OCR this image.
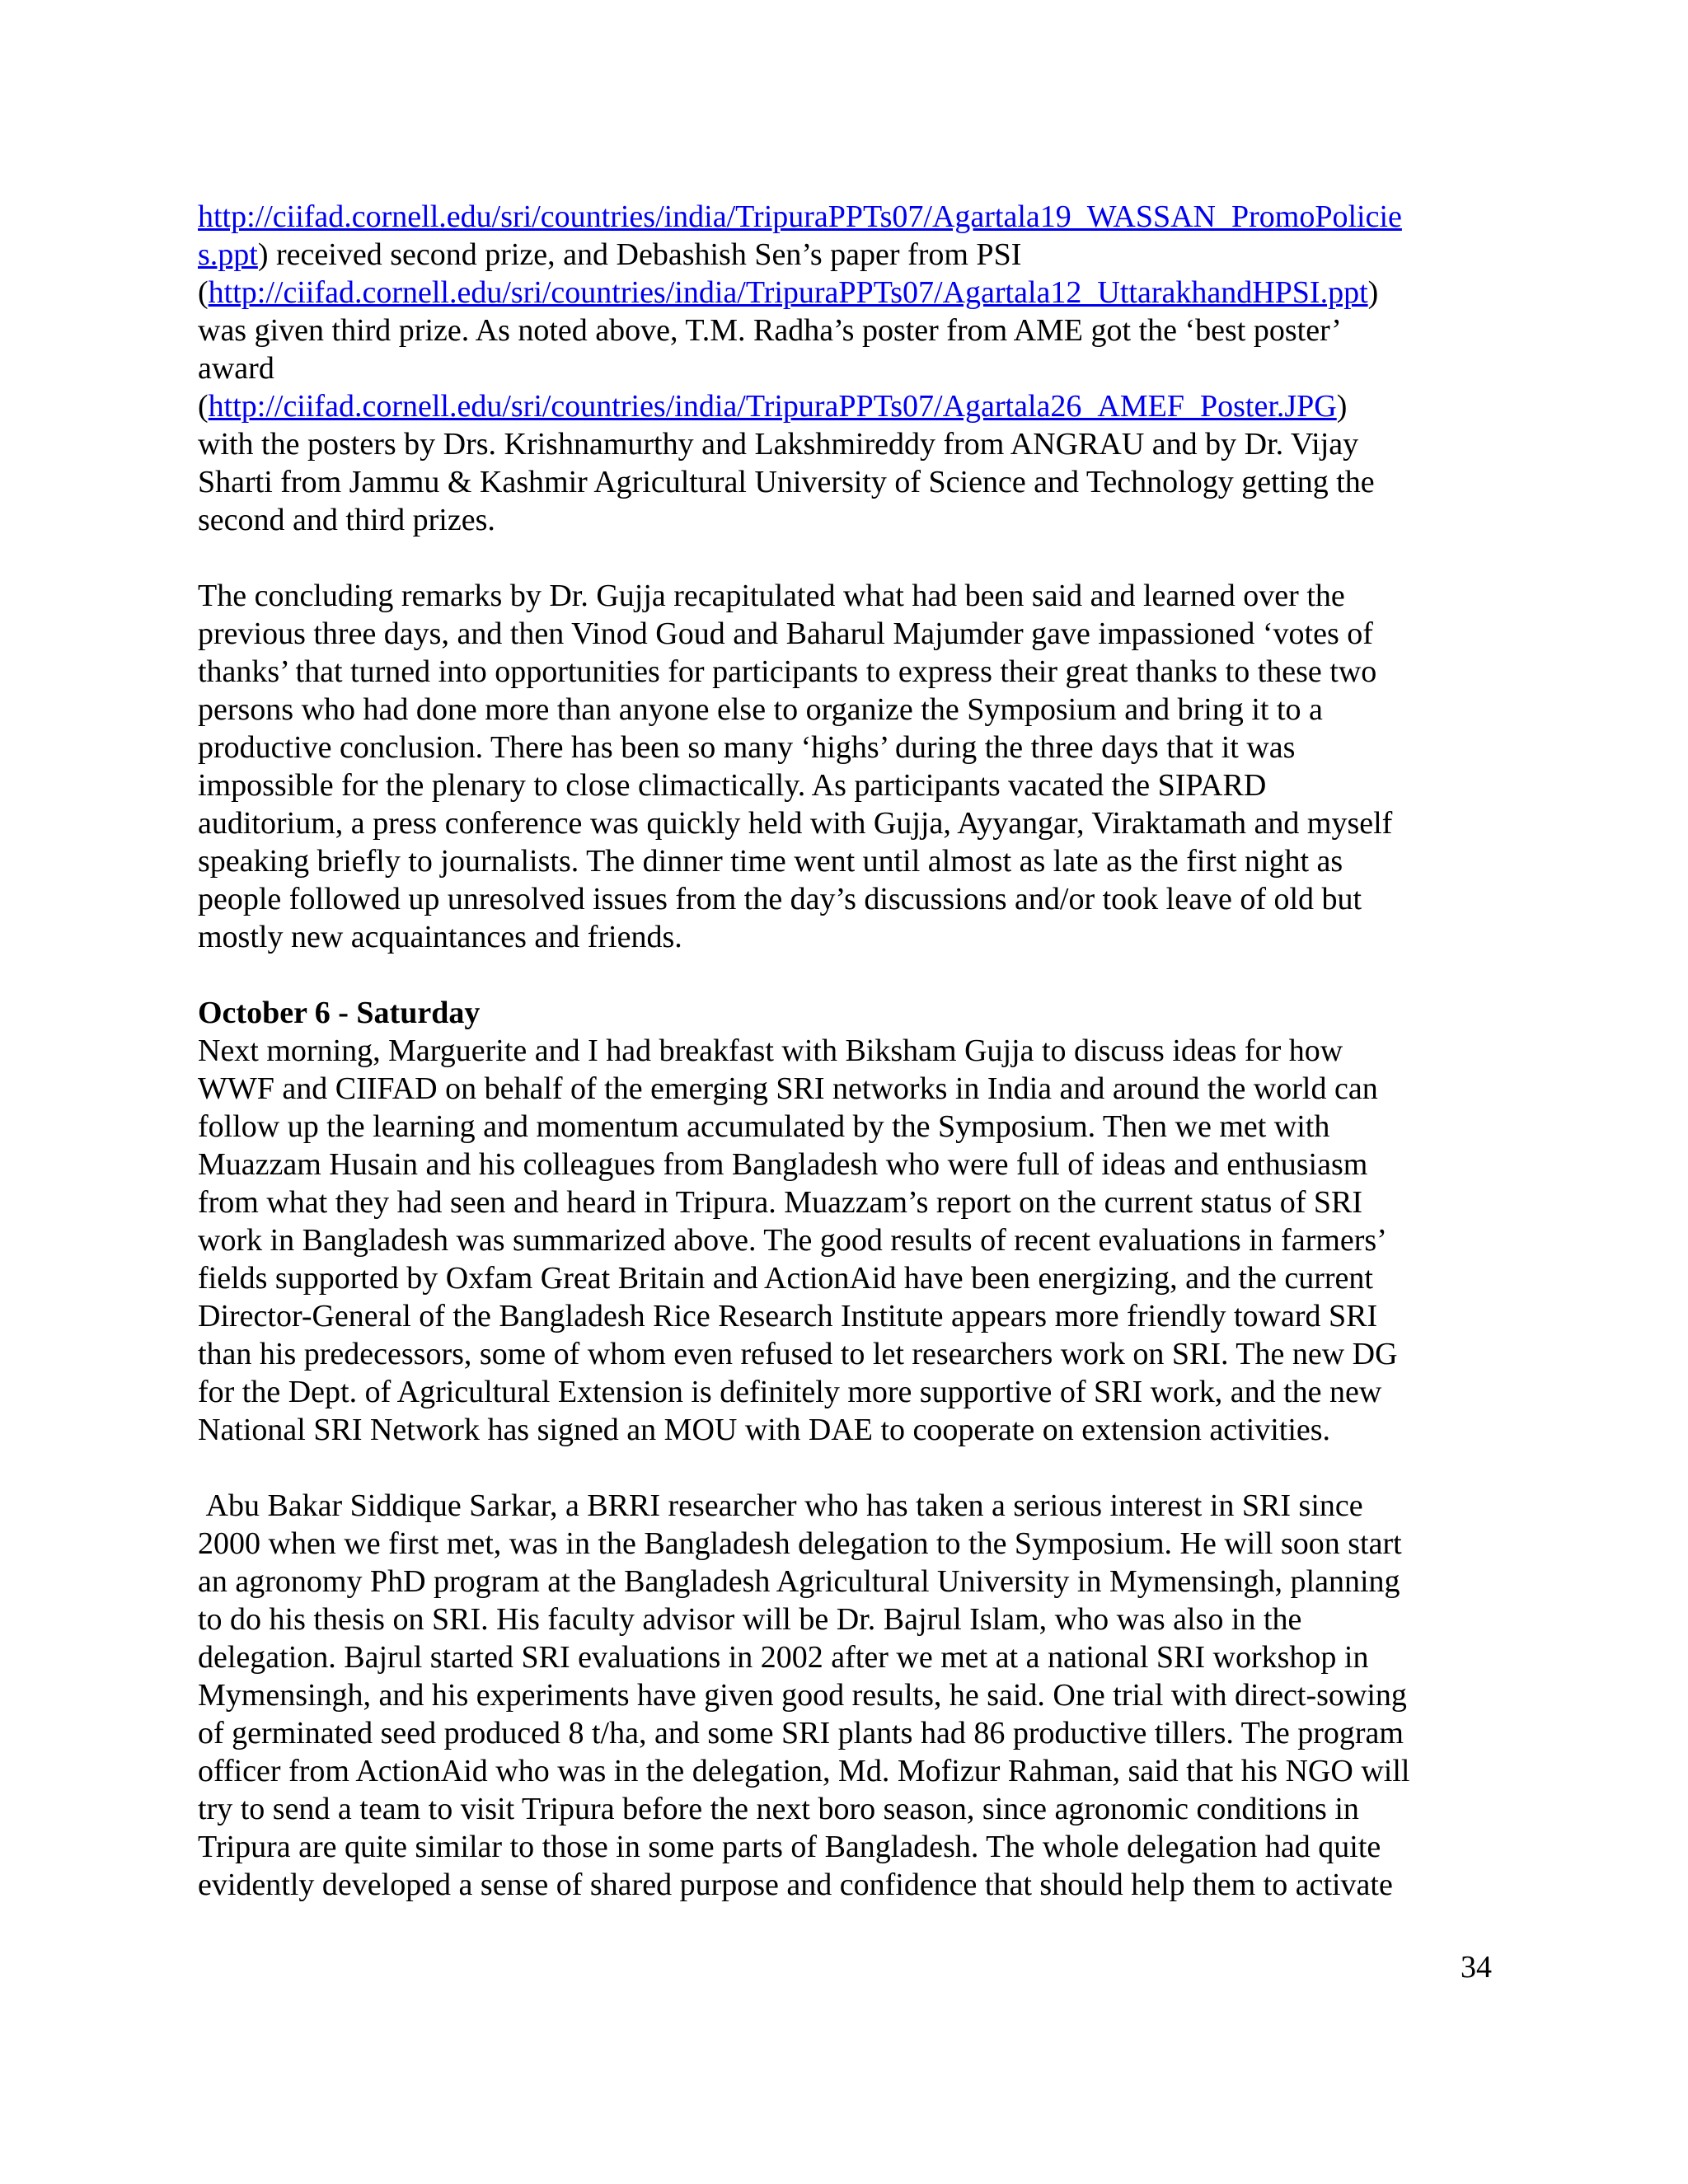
http://ciifad.cornell.edu/sri/countries/india/TripuraPPTs07/Agartala19_WASSAN_PromoPolicie
s.ppt) received second prize, and Debashish Sen’s paper from PSI
(http://ciifad.cornell.edu/sri/countries/india/TripuraPPTs07/Agartala12_UttarakhandHPSI.ppt)
was given third prize. As noted above, T.M. Radha’s poster from AME got the ‘best poster’
award
(http://ciifad.cornell.edu/sri/countries/india/TripuraPPTs07/Agartala26_AMEF_Poster.JPG)
with the posters by Drs. Krishnamurthy and Lakshmireddy from ANGRAU and by Dr. Vijay
Sharti from Jammu & Kashmir Agricultural University of Science and Technology getting the
second and third prizes.

The concluding remarks by Dr. Gujja recapitulated what had been said and learned over the
previous three days, and then Vinod Goud and Baharul Majumder gave impassioned ‘votes of
thanks’ that turned into opportunities for participants to express their great thanks to these two
persons who had done more than anyone else to organize the Symposium and bring it to a
productive conclusion. There has been so many ‘highs’ during the three days that it was
impossible for the plenary to close climactically. As participants vacated the SIPARD
auditorium, a press conference was quickly held with Gujja, Ayyangar, Viraktamath and myself
speaking briefly to journalists. The dinner time went until almost as late as the first night as
people followed up unresolved issues from the day’s discussions and/or took leave of old but
mostly new acquaintances and friends.

October 6 - Saturday

Next morning, Marguerite and I had breakfast with Biksham Gujja to discuss ideas for how
WWF and CIIFAD on behalf of the emerging SRI networks in India and around the world can
follow up the learning and momentum accumulated by the Symposium. Then we met with
Muazzam Husain and his colleagues from Bangladesh who were full of ideas and enthusiasm
from what they had seen and heard in Tripura. Muazzam’s report on the current status of SRI
work in Bangladesh was summarized above. The good results of recent evaluations in farmers’
fields supported by Oxfam Great Britain and ActionAid have been energizing, and the current
Director-General of the Bangladesh Rice Research Institute appears more friendly toward SRI
than his predecessors, some of whom even refused to let researchers work on SRI. The new DG
for the Dept. of Agricultural Extension is definitely more supportive of SRI work, and the new
National SRI Network has signed an MOU with DAE to cooperate on extension activities.

Abu Bakar Siddique Sarkar, a BRRI researcher who has taken a serious interest in SRI since
2000 when we first met, was in the Bangladesh delegation to the Symposium. He will soon start
an agronomy PhD program at the Bangladesh Agricultural University in Mymensingh, planning
to do his thesis on SRI. His faculty advisor will be Dr. Bajrul Islam, who was also in the
delegation. Bajrul started SRI evaluations in 2002 after we met at a national SRI workshop in
Mymensingh, and his experiments have given good results, he said. One trial with direct-sowing
of germinated seed produced 8 t/ha, and some SRI plants had 86 productive tillers. The program
officer from ActionAid who was in the delegation, Md. Mofizur Rahman, said that his NGO will
try to send a team to visit Tripura before the next boro season, since agronomic conditions in
Tripura are quite similar to those in some parts of Bangladesh. The whole delegation had quite
evidently developed a sense of shared purpose and confidence that should help them to activate

34
